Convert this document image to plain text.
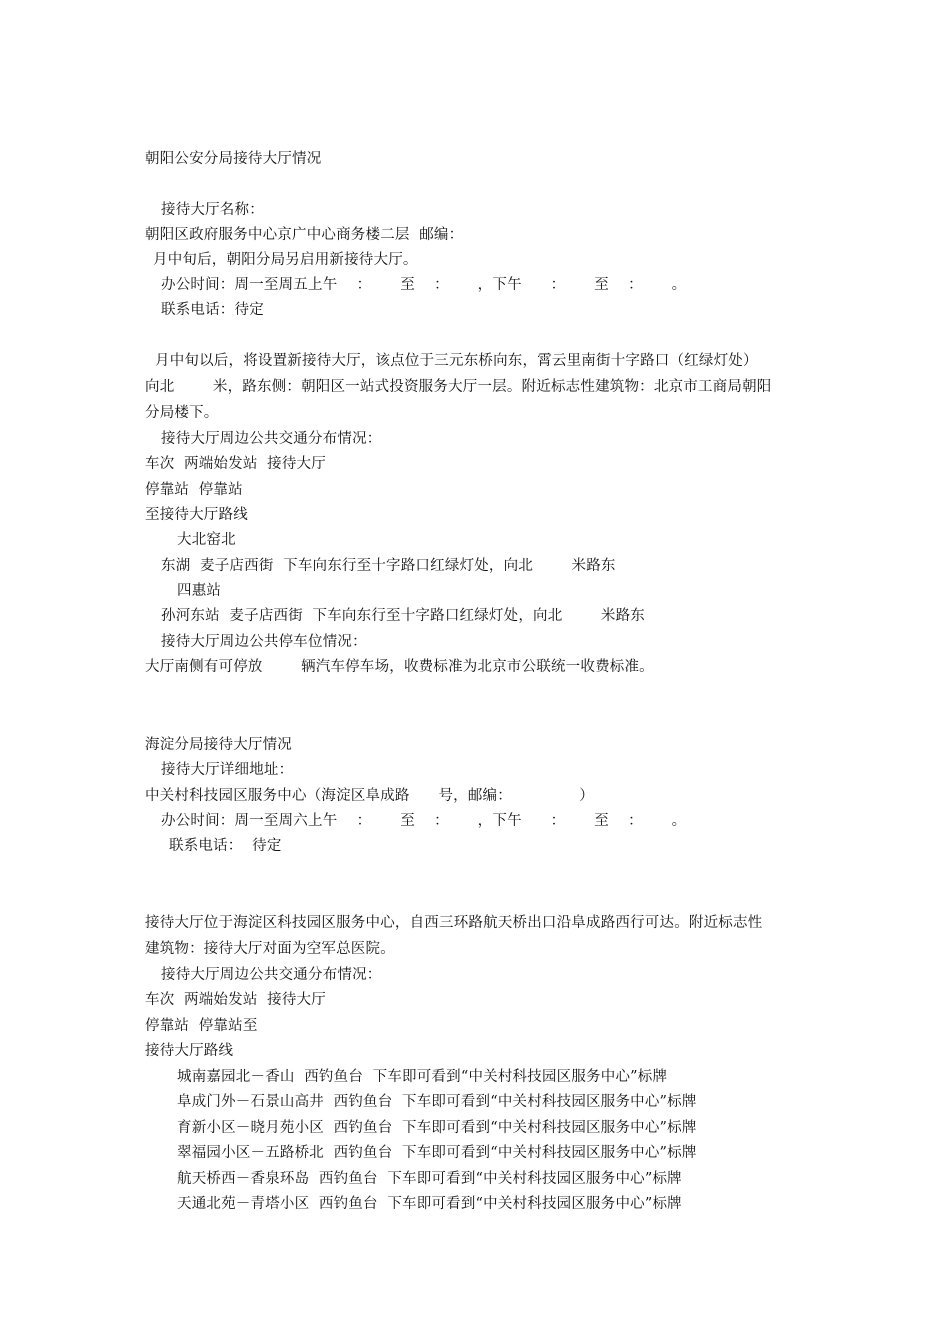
朝阳公安分局接待大厅情况
接待大厅名称：
朝阳区政府服务中心京广中心商务楼二层  邮编：
月中旬后，朝阳分局另启用新接待大厅。
办公时间：周一至周五上午    ：      至    ：      ，下午      ：      至    ：      。
联系电话：待定
月中旬以后，将设置新接待大厅，该点位于三元东桥向东，霄云里南街十字路口（红绿灯处）
向北        米，路东侧：朝阳区一站式投资服务大厅一层。附近标志性建筑物：北京市工商局朝阳
分局楼下。
接待大厅周边公共交通分布情况：
车次  两端始发站  接待大厅
停靠站  停靠站
至接待大厅路线
大北窑北
东湖  麦子店西街  下车向东行至十字路口红绿灯处，向北        米路东
四惠站
孙河东站  麦子店西街  下车向东行至十字路口红绿灯处，向北        米路东
接待大厅周边公共停车位情况：
大厅南侧有可停放        辆汽车停车场，收费标准为北京市公联统一收费标准。
海淀分局接待大厅情况
接待大厅详细地址：
中关村科技园区服务中心（海淀区阜成路      号，邮编：              ）
办公时间：周一至周六上午    ：      至    ：      ，下午      ：      至    ：      。
联系电话：  待定
接待大厅位于海淀区科技园区服务中心，自西三环路航天桥出口沿阜成路西行可达。附近标志性
建筑物：接待大厅对面为空军总医院。
接待大厅周边公共交通分布情况：
车次  两端始发站  接待大厅
停靠站  停靠站至
接待大厅路线
城南嘉园北－香山  西钓鱼台  下车即可看到“中关村科技园区服务中心”标牌
阜成门外－石景山高井  西钓鱼台  下车即可看到“中关村科技园区服务中心”标牌
育新小区－晓月苑小区  西钓鱼台  下车即可看到“中关村科技园区服务中心”标牌
翠福园小区－五路桥北  西钓鱼台  下车即可看到“中关村科技园区服务中心”标牌
航天桥西－香泉环岛  西钓鱼台  下车即可看到“中关村科技园区服务中心”标牌
天通北苑－青塔小区  西钓鱼台  下车即可看到“中关村科技园区服务中心”标牌
